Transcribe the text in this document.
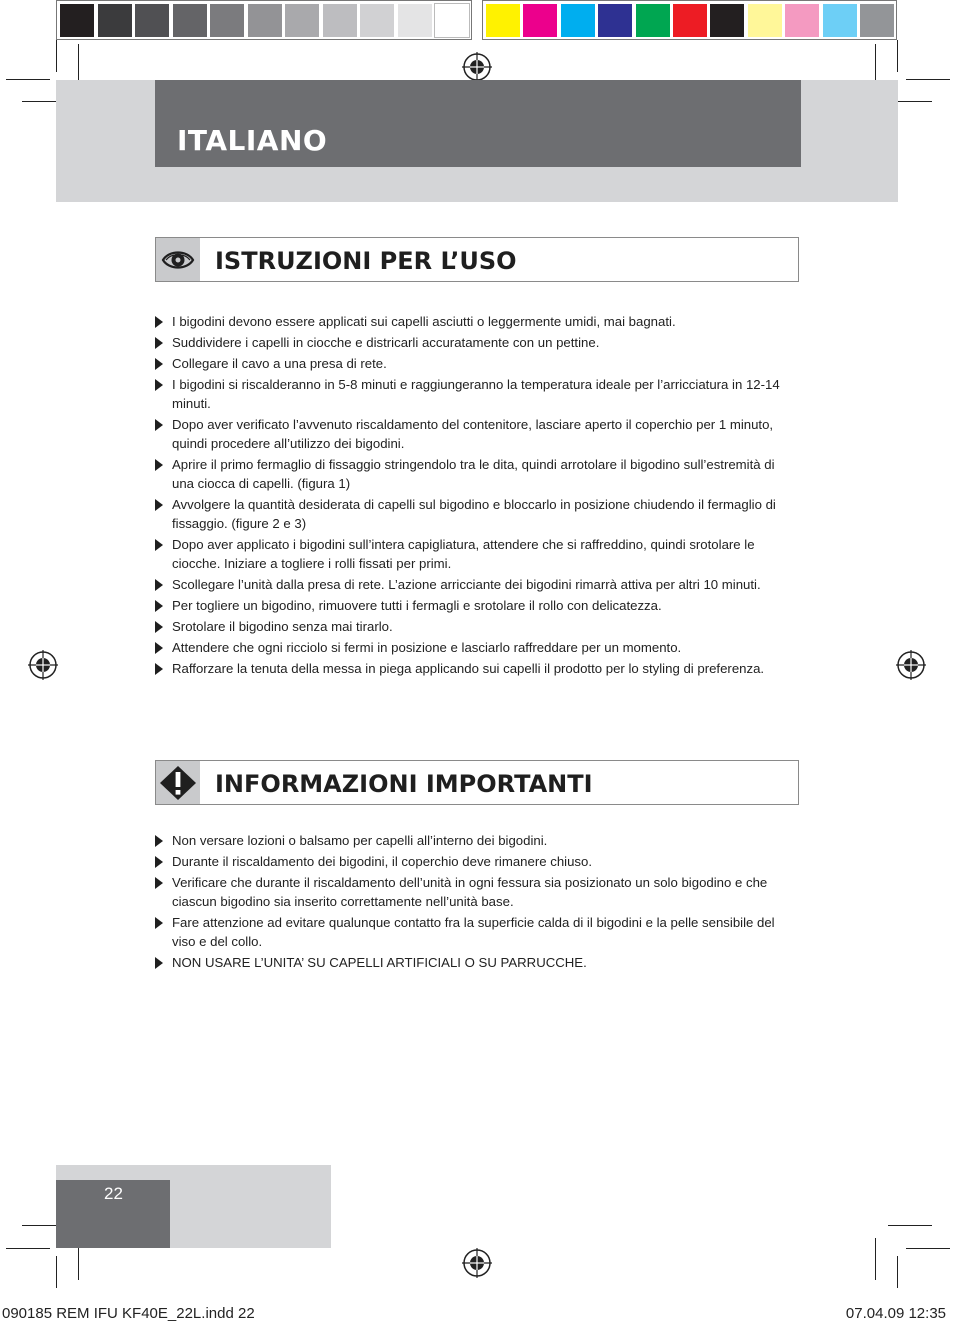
ITALIANO
ISTRUZIONI PER L’USO
I bigodini devono essere applicati sui capelli asciutti o leggermente umidi, mai bagnati.
Suddividere i capelli in ciocche e districarli accuratamente con un pettine.
Collegare il cavo a una presa di rete.
I bigodini si riscalderanno in 5-8 minuti e raggiungeranno la temperatura ideale per l’arricciatura in 12-14 minuti.
Dopo aver verificato l’avvenuto riscaldamento del contenitore, lasciare aperto il coperchio per 1 minuto, quindi procedere all’utilizzo dei bigodini.
Aprire il primo fermaglio di fissaggio stringendolo tra le dita, quindi arrotolare il bigodino sull’estremità di una ciocca di capelli. (figura 1)
Avvolgere la quantità desiderata di capelli sul bigodino e bloccarlo in posizione chiudendo il fermaglio di fissaggio. (figure 2 e 3)
Dopo aver applicato i bigodini sull’intera capigliatura, attendere che si raffreddino, quindi srotolare le ciocche. Iniziare a togliere i rolli fissati per primi.
Scollegare l’unità dalla presa di rete. L’azione arricciante dei bigodini rimarrà attiva per altri 10 minuti.
Per togliere un bigodino, rimuovere tutti i fermagli e srotolare il rollo con delicatezza.
Srotolare il bigodino senza mai tirarlo.
Attendere che ogni ricciolo si fermi in posizione e lasciarlo raffreddare per un momento.
Rafforzare la tenuta della messa in piega applicando sui capelli il prodotto per lo styling di preferenza.
INFORMAZIONI IMPORTANTI
Non versare lozioni o balsamo per capelli all’interno dei bigodini.
Durante il riscaldamento dei bigodini, il coperchio deve rimanere chiuso.
Verificare che durante il riscaldamento dell’unità in ogni fessura sia posizionato un solo bigodino e che ciascun bigodino sia inserito correttamente nell’unità base.
Fare attenzione ad evitare qualunque contatto fra la superficie calda di il bigodini e la pelle sensibile del viso e del collo.
NON USARE L’UNITA’ SU CAPELLI ARTIFICIALI O SU PARRUCCHE.
22
090185 REM IFU KF40E_22L.indd 22	07.04.09 12:35
